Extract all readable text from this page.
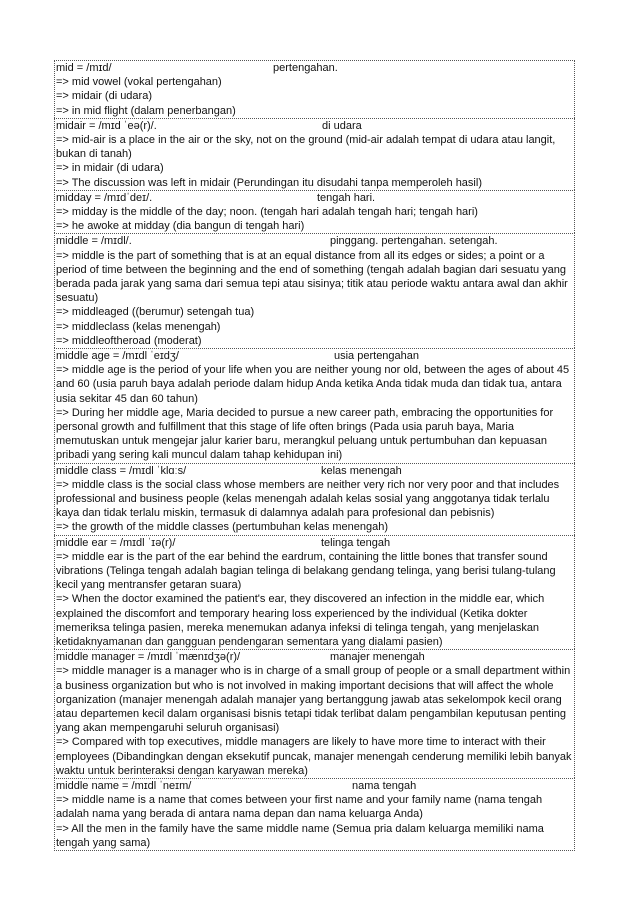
mid = /mɪd/	pertengahan.
=> mid vowel (vokal pertengahan)
=> midair (di udara)
=> in mid flight (dalam penerbangan)
midair = /mɪd ˈeə(r)/.	di udara
=> mid-air is a place in the air or the sky, not on the ground (mid-air adalah tempat di udara atau langit, bukan di tanah)
=> in midair (di udara)
=> The discussion was left in midair (Perundingan itu disudahi tanpa memperoleh hasil)
midday = /mɪdˈdeɪ/.	tengah hari.
=> midday is the middle of the day; noon. (tengah hari adalah tengah hari; tengah hari)
=> he awoke at midday (dia bangun di tengah hari)
middle = /mɪdl/.	pinggang. pertengahan. setengah.
=> middle is the part of something that is at an equal distance from all its edges or sides; a point or a period of time between the beginning and the end of something (tengah adalah bagian dari sesuatu yang berada pada jarak yang sama dari semua tepi atau sisinya; titik atau periode waktu antara awal dan akhir sesuatu)
=> middleaged ((berumur) setengah tua)
=> middleclass (kelas menengah)
=> middleoftheroad (moderat)
middle age = /mɪdl ˈeɪdʒ/	usia pertengahan
=> middle age is the period of your life when you are neither young nor old, between the ages of about 45 and 60 (usia paruh baya adalah periode dalam hidup Anda ketika Anda tidak muda dan tidak tua, antara usia sekitar 45 dan 60 tahun)
=> During her middle age, Maria decided to pursue a new career path, embracing the opportunities for personal growth and fulfillment that this stage of life often brings (Pada usia paruh baya, Maria memutuskan untuk mengejar jalur karier baru, merangkul peluang untuk pertumbuhan dan kepuasan pribadi yang sering kali muncul dalam tahap kehidupan ini)
middle class = /mɪdl ˈklɑːs/	kelas menengah
=> middle class is the social class whose members are neither very rich nor very poor and that includes professional and business people (kelas menengah adalah kelas sosial yang anggotanya tidak terlalu kaya dan tidak terlalu miskin, termasuk di dalamnya adalah para profesional dan pebisnis)
=> the growth of the middle classes (pertumbuhan kelas menengah)
middle ear = /mɪdl ˈɪə(r)/	telinga tengah
=> middle ear is the part of the ear behind the eardrum, containing the little bones that transfer sound vibrations (Telinga tengah adalah bagian telinga di belakang gendang telinga, yang berisi tulang-tulang kecil yang mentransfer getaran suara)
=> When the doctor examined the patient's ear, they discovered an infection in the middle ear, which explained the discomfort and temporary hearing loss experienced by the individual (Ketika dokter memeriksa telinga pasien, mereka menemukan adanya infeksi di telinga tengah, yang menjelaskan ketidaknyamanan dan gangguan pendengaran sementara yang dialami pasien)
middle manager = /mɪdl ˈmænɪdʒə(r)/	manajer menengah
=> middle manager is a manager who is in charge of a small group of people or a small department within a business organization but who is not involved in making important decisions that will affect the whole organization (manajer menengah adalah manajer yang bertanggung jawab atas sekelompok kecil orang atau departemen kecil dalam organisasi bisnis tetapi tidak terlibat dalam pengambilan keputusan penting yang akan mempengaruhi seluruh organisasi)
=> Compared with top executives, middle managers are likely to have more time to interact with their employees (Dibandingkan dengan eksekutif puncak, manajer menengah cenderung memiliki lebih banyak waktu untuk berinteraksi dengan karyawan mereka)
middle name = /mɪdl ˈneɪm/	nama tengah
=> middle name is a name that comes between your first name and your family name (nama tengah adalah nama yang berada di antara nama depan dan nama keluarga Anda)
=> All the men in the family have the same middle name (Semua pria dalam keluarga memiliki nama tengah yang sama)
